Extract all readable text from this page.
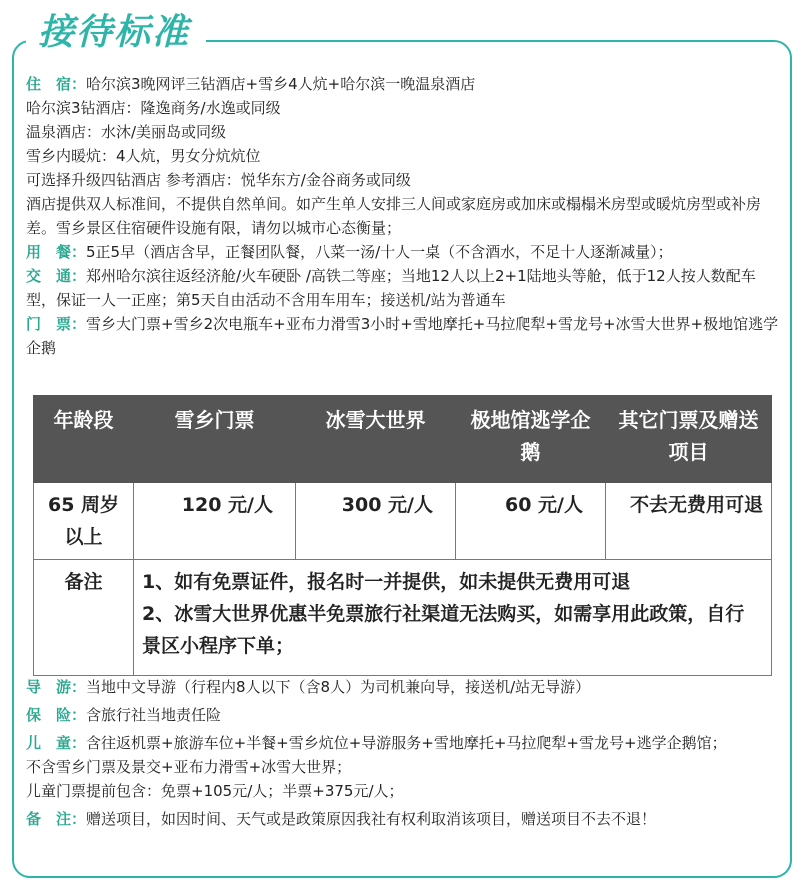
接待标准
住　宿：哈尔滨3晚网评三钻酒店+雪乡4人炕+哈尔滨一晚温泉酒店
哈尔滨3钻酒店：隆逸商务/水逸或同级
温泉酒店：水沐/美丽岛或同级
雪乡内暖炕：4人炕，男女分炕炕位
可选择升级四钻酒店 参考酒店：悦华东方/金谷商务或同级
酒店提供双人标准间，不提供自然单间。如产生单人安排三人间或家庭房或加床或榻榻米房型或暖炕房型或补房差。雪乡景区住宿硬件设施有限，请勿以城市心态衡量；
用　餐：5正5早（酒店含早，正餐团队餐，八菜一汤/十人一桌（不含酒水，不足十人逐渐减量）；
交　通：郑州哈尔滨往返经济舱/火车硬卧 /高铁二等座；当地12人以上2+1陆地头等舱，低于12人按人数配车型，保证一人一正座；第5天自由活动不含用车用车；接送机/站为普通车
门　票：雪乡大门票+雪乡2次电瓶车+亚布力滑雪3小时+雪地摩托+马拉爬犁+雪龙号+冰雪大世界+极地馆逃学企鹅
年龄段	雪乡门票	冰雪大世界	极地馆逃学企鹅	其它门票及赠送项目
65 周岁以上	120 元/人	300 元/人	60 元/人	不去无费用可退
备注	1、如有免票证件，报名时一并提供，如未提供无费用可退
2、冰雪大世界优惠半免票旅行社渠道无法购买，如需享用此政策，自行景区小程序下单；			
导　游：当地中文导游（行程内8人以下（含8人）为司机兼向导，接送机/站无导游）
保　险：含旅行社当地责任险
儿　童：含往返机票+旅游车位+半餐+雪乡炕位+导游服务+雪地摩托+马拉爬犁+雪龙号+逃学企鹅馆；
不含雪乡门票及景交+亚布力滑雪+冰雪大世界；
儿童门票提前包含：免票+105元/人；半票+375元/人；
备　注：赠送项目，如因时间、天气或是政策原因我社有权利取消该项目，赠送项目不去不退！
